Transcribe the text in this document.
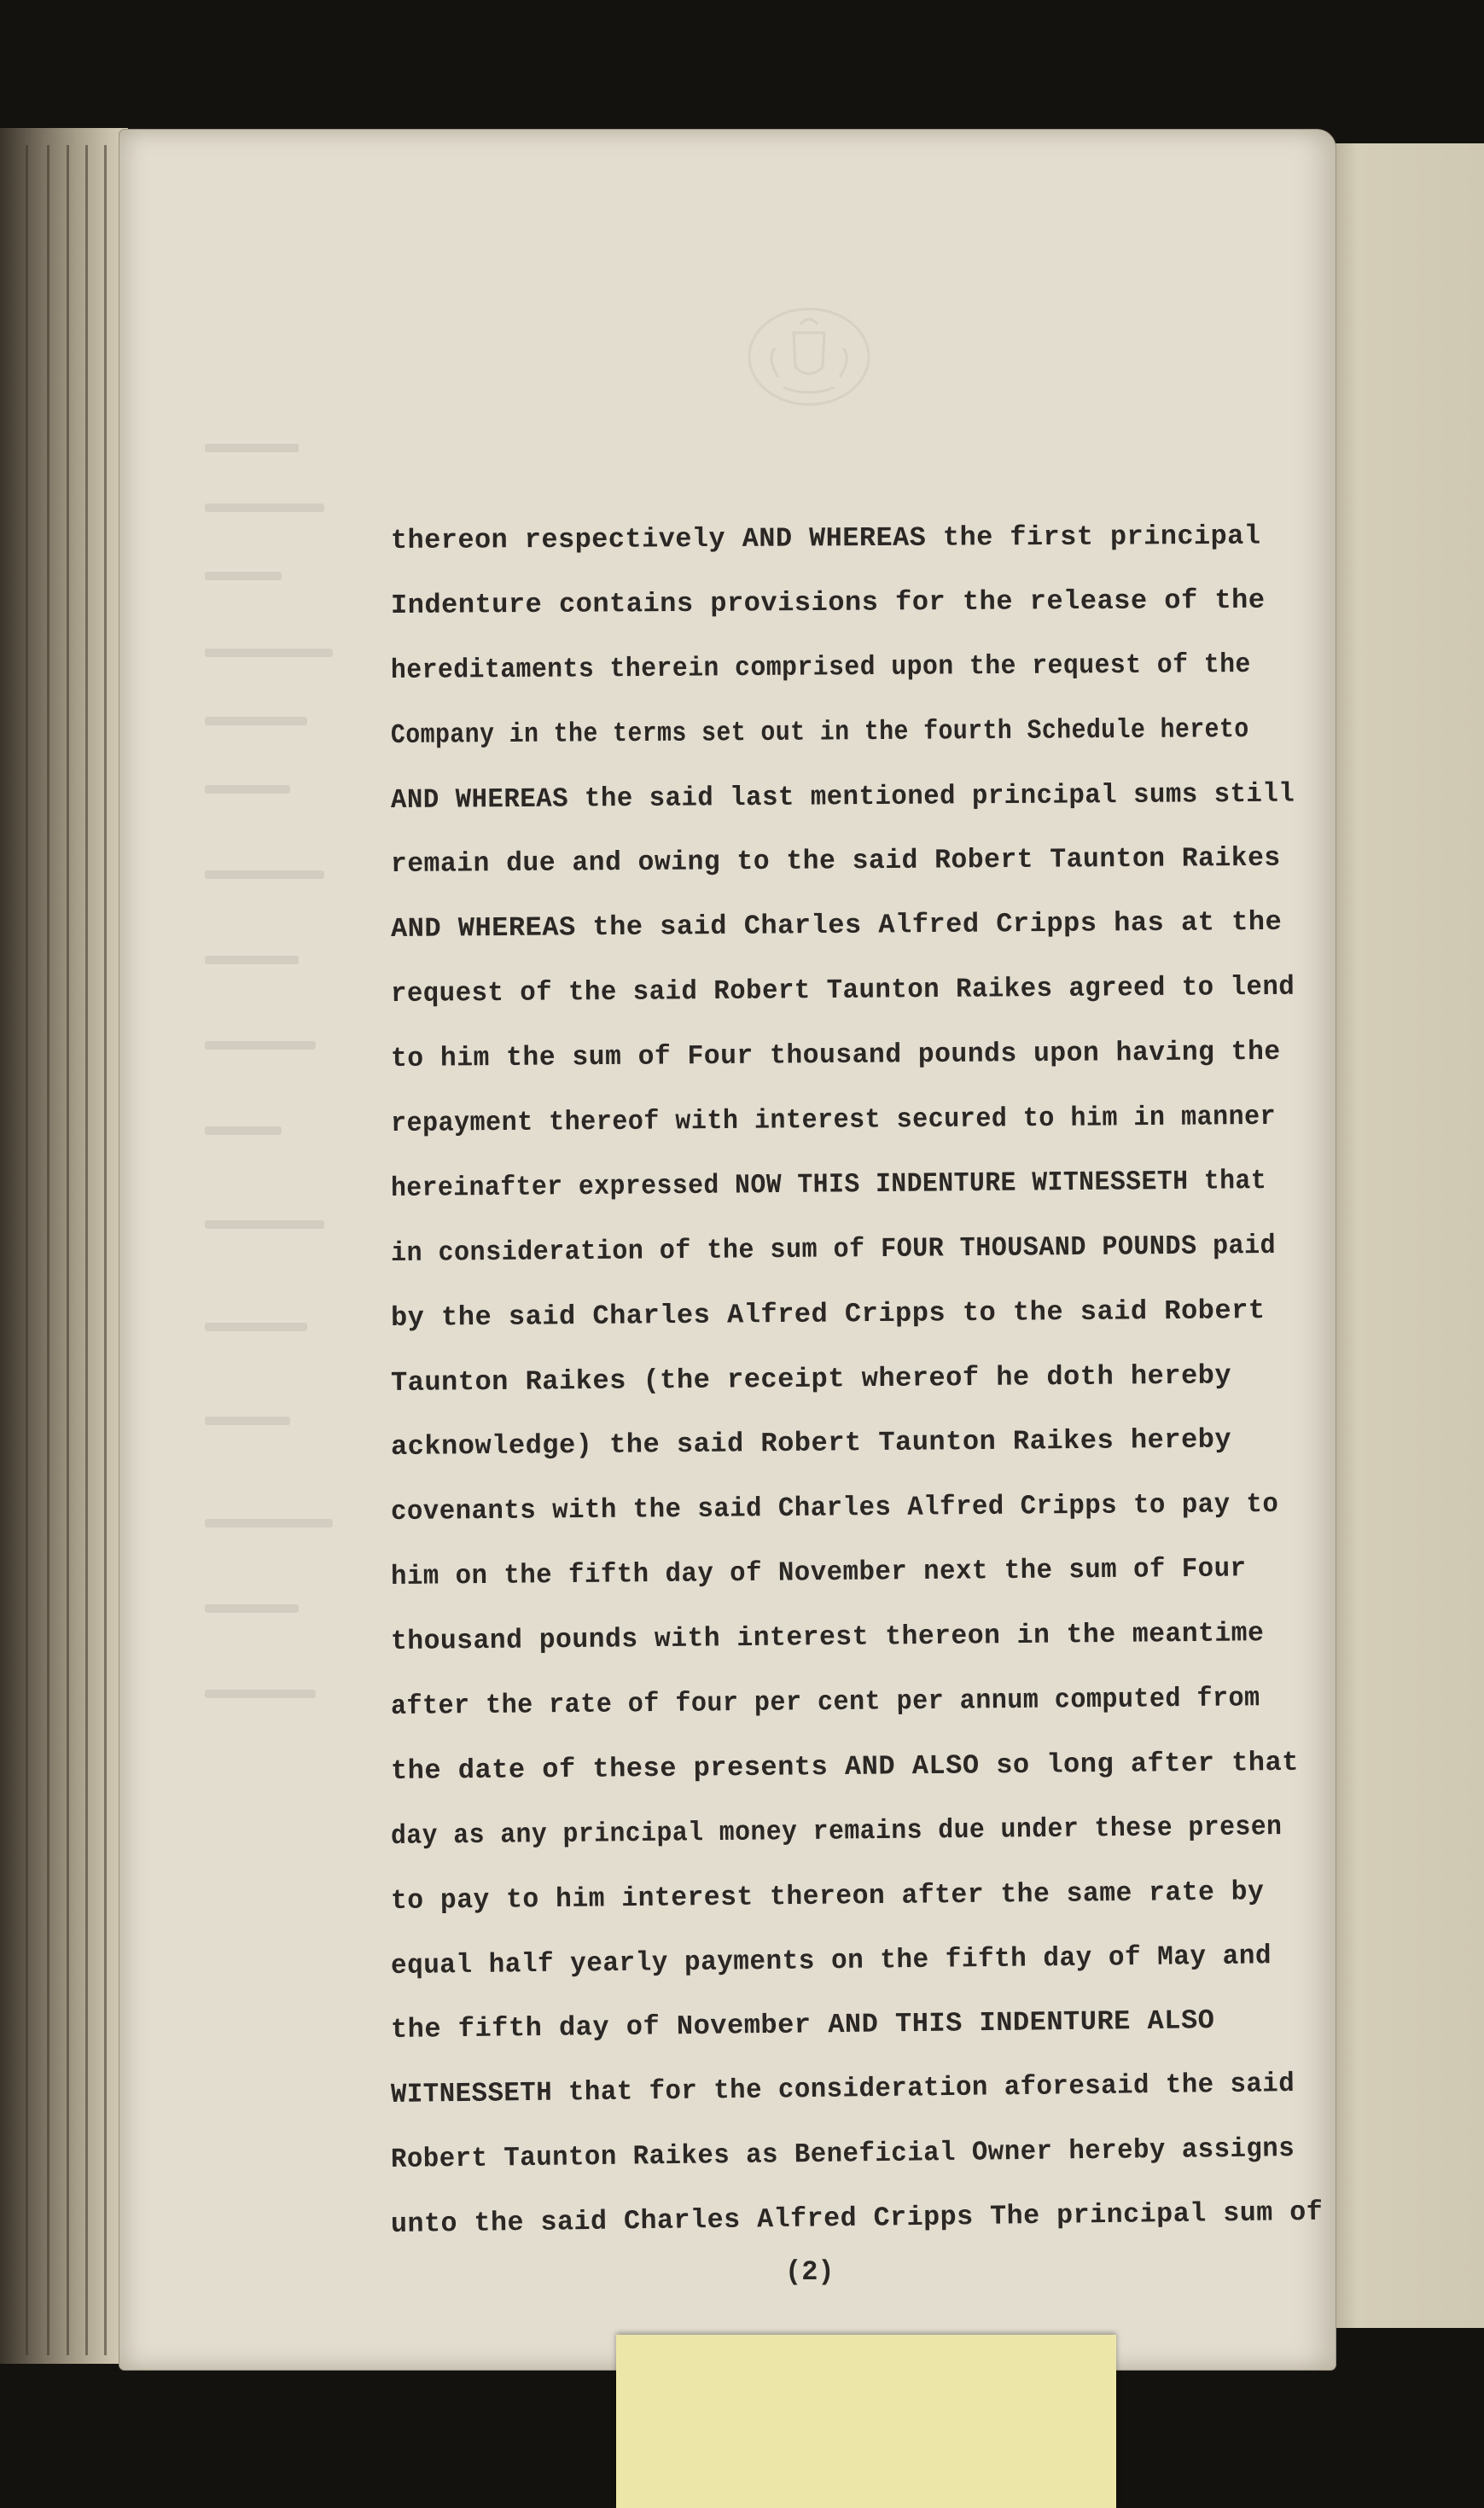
thereon respectively AND WHEREAS the first principal
Indenture contains provisions for the release of the
hereditaments therein comprised upon the request of the
Company in the terms set out in the fourth Schedule hereto
AND WHEREAS the said last mentioned principal sums still
remain due and owing to the said Robert Taunton Raikes
AND WHEREAS the said Charles Alfred Cripps has at the
request of the said Robert Taunton Raikes agreed to lend
to him the sum of Four thousand pounds upon having the
repayment thereof with interest secured to him in manner
hereinafter expressed NOW THIS INDENTURE WITNESSETH that
in consideration of the sum of FOUR THOUSAND POUNDS paid
by the said Charles Alfred Cripps to the said Robert
Taunton Raikes (the receipt whereof he doth hereby
acknowledge) the said Robert Taunton Raikes hereby
covenants with the said Charles Alfred Cripps to pay to
him on the fifth day of November next the sum of Four
thousand pounds with interest thereon in the meantime
after the rate of four per cent per annum computed from
the date of these presents AND ALSO so long after that
day as any principal money remains due under these presen
to pay to him interest thereon after the same rate by
equal half yearly payments on the fifth day of May and
the fifth day of November AND THIS INDENTURE ALSO
WITNESSETH that for the consideration aforesaid the said
Robert Taunton Raikes as Beneficial Owner hereby assigns
unto the said Charles Alfred Cripps The principal sum of
(2)
